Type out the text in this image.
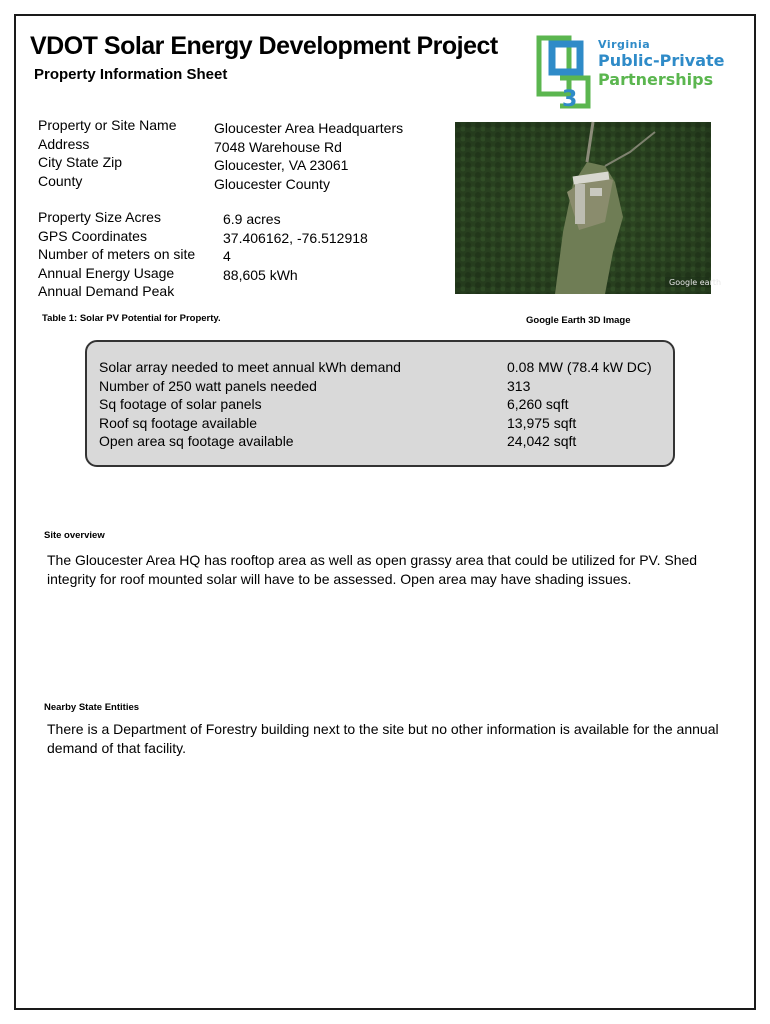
VDOT Solar Energy Development Project
Property Information Sheet
3
Virginia
Public-Private
Partnerships
Property or Site Name
Address
City State Zip
County
Gloucester Area Headquarters
7048 Warehouse Rd
Gloucester, VA 23061
Gloucester County
Property Size Acres
GPS Coordinates
Number of meters on site
Annual Energy Usage
Annual Demand Peak
6.9 acres
37.406162, -76.512918
4
88,605 kWh	Google earth
Table 1: Solar PV Potential for Property.	Google Earth 3D Image
Solar array needed to meet annual kWh demand
Number of 250 watt panels needed
Sq footage of solar panels
Roof sq footage available
Open area sq footage available
0.08 MW (78.4 kW DC)
313
6,260 sqft
13,975 sqft
24,042 sqft
Site overview
The Gloucester Area HQ has rooftop area as well as open grassy area that could be utilized for PV. Shed integrity for roof mounted solar will have to be assessed. Open area may have shading issues.
Nearby State Entities
There is a Department of Forestry building next to the site but no other information is available for the annual demand of that facility.
